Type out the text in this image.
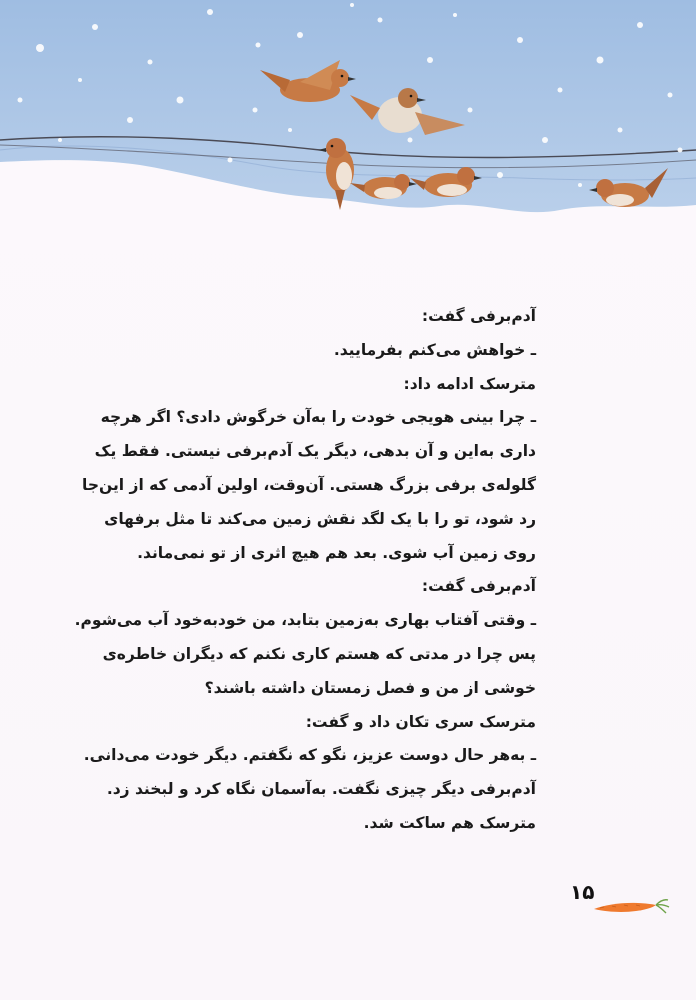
آدم‌برفی گفت:
ـ خواهش می‌کنم بفرمایید.
مترسک ادامه داد:
ـ چرا بینی هویجی خودت را به‌آن خرگوش دادی؟ اگر هرچه
داری به‌این و آن بدهی، دیگر یک آدم‌برفی نیستی. فقط یک
گلوله‌ی برفی بزرگ هستی. آن‌وقت، اولین آدمی که از این‌جا
رد شود، تو را با یک لگد نقش زمین می‌کند تا مثل برفهای
روی زمین آب شوی. بعد هم هیچ اثری از تو نمی‌ماند.
آدم‌برفی گفت:
ـ وقتی آفتاب بهاری به‌زمین بتابد، من خودبه‌خود آب می‌شوم.
پس چرا در مدتی که هستم کاری نکنم که دیگران خاطره‌ی
خوشی از من و فصل زمستان داشته باشند؟
مترسک سری تکان داد و گفت:
ـ به‌هر حال دوست عزیز، نگو که نگفتم. دیگر خودت می‌دانی.
آدم‌برفی دیگر چیزی نگفت. به‌آسمان نگاه کرد و لبخند زد.
مترسک هم ساکت شد.
۱۵
